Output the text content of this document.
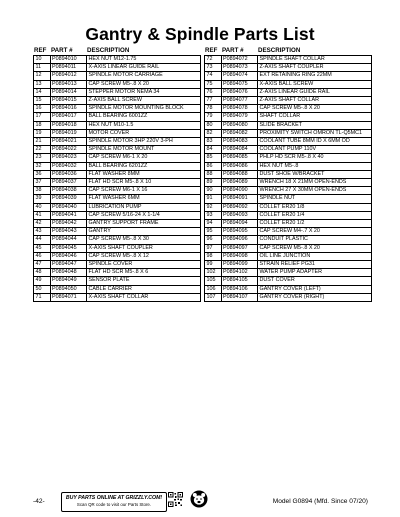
Gantry & Spindle Parts List
REF PART #	DESCRIPTION
10	P0894010	HEX NUT M12-1.75
11	P0894011	X-AXIS LINEAR GUIDE RAIL
12	P0894012	SPINDLE MOTOR CARRIAGE
13	P0894013	CAP SCREW M5-.8 X 20
14	P0894014	STEPPER MOTOR NEMA 34
15	P0894015	Z-AXIS BALL SCREW
16	P0894016	SPINDLE MOTOR MOUNTING BLOCK
17	P0894017	BALL BEARING 6001ZZ
18	P0894018	HEX NUT M10-1.5
19	P0894019	MOTOR COVER
21	P0894021	SPINDLE MOTOR 3HP 220V 3-PH
22	P0894022	SPINDLE MOTOR MOUNT
23	P0894023	CAP SCREW M6-1 X 20
32	P0894032	BALL BEARING 6201ZZ
36	P0894036	FLAT WASHER 8MM
37	P0894037	FLAT HD SCR M5-.8 X 10
38	P0894038	CAP SCREW M6-1 X 16
39	P0894039	FLAT WASHER 6MM
40	P0894040	LUBRICATION PUMP
41	P0894041	CAP SCREW 5/16-24 X 1-1/4
42	P0894042	GANTRY SUPPORT FRAME
43	P0894043	GANTRY
44	P0894044	CAP SCREW M5-.8 X 30
45	P0894045	X-AXIS SHAFT COUPLER
46	P0894046	CAP SCREW M5-.8 X 12
47	P0894047	SPINDLE COVER
48	P0894048	FLAT HD SCR M5-.8 X 6
49	P0894049	SENSOR PLATE
50	P0894050	CABLE CARRIER
71	P0894071	X-AXIS SHAFT COLLAR
REF PART #	DESCRIPTION
72	P0894072	SPINDLE SHAFT COLLAR
73	P0894073	Z-AXIS SHAFT COUPLER
74	P0894074	EXT RETAINING RING 22MM
75	P0894075	X-AXIS BALL SCREW
76	P0894076	Z-AXIS LINEAR GUIDE RAIL
77	P0894077	Z-AXIS SHAFT COLLAR
78	P0894078	CAP SCREW M5-.8 X 20
79	P0894079	SHAFT COLLAR
80	P0894080	SLIDE BRACKET
82	P0894082	PROXIMITY SWITCH OMRON TL-Q5MC1
83	P0894083	COOLANT TUBE 8MM ID X 6MM OD
84	P0894084	COOLANT PUMP 110V
85	P0894085	PHLP HD SCR M5-.8 X 40
86	P0894086	HEX NUT M5-.8
88	P0894088	DUST SHOE W/BRACKET
89	P0894089	WRENCH 18 X 21MM OPEN-ENDS
90	P0894090	WRENCH 27 X 30MM OPEN-ENDS
91	P0894091	SPINDLE NUT
92	P0894092	COLLET ER20 1/8
93	P0894093	COLLET ER20 1/4
94	P0894094	COLLET ER20 1/2
95	P0894095	CAP SCREW M4-.7 X 20
96	P0894096	CONDUIT PLASTIC
97	P0894097	CAP SCREW M5-.8 X 20
98	P0894098	OIL LINE JUNCTION
99	P0894099	STRAIN RELIEF PG31
102	P0894102	WATER PUMP ADAPTER
105	P0894105	DUST COVER
106	P0894106	GANTRY COVER (LEFT)
107	P0894107	GANTRY COVER (RIGHT)
-42-	BUY PARTS ONLINE AT GRIZZLY.COM!
Scan QR code to visit our Parts Store.	Model G0894 (Mfd. Since 07/20)
